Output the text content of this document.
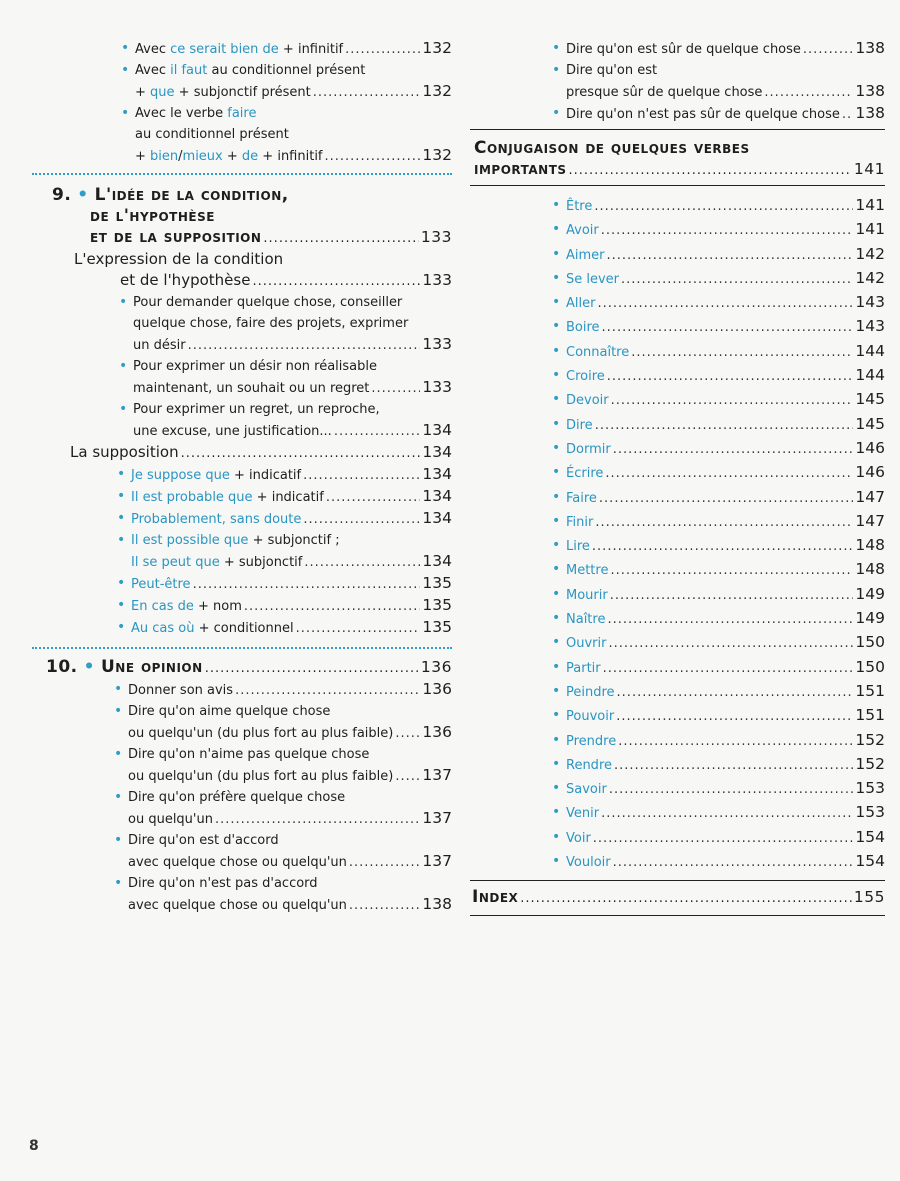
• Avec ce serait bien de + infinitif .....	132
• Avec il faut au conditionnel présent
+ que + subjonctif présent .....	132
• Avec le verbe faire
au conditionnel présent
+ bien / mieux + de + infinitif .....	132
9. • L'idée de la condition,
de l'hypothèse
et de la supposition .....	133
L'expression de la condition
et de l'hypothèse .....	133
• Pour demander quelque chose, conseiller
quelque chose, faire des projets, exprimer
un désir .....	133
• Pour exprimer un désir non réalisable
maintenant, un souhait ou un regret .....	133
• Pour exprimer un regret, un reproche,
une excuse, une justification... .....	134
La supposition .....	134
• Je suppose que + indicatif .....	134
• Il est probable que + indicatif .....	134
• Probablement, sans doute .....	134
• Il est possible que + subjonctif ;
Il se peut que + subjonctif .....	134
• Peut-être .....	135
• En cas de + nom .....	135
• Au cas où + conditionnel .....	135
10. • Une opinion .....	136
• Donner son avis .....	136
• Dire qu'on aime quelque chose
ou quelqu'un (du plus fort au plus faible) ..... 136
• Dire qu'on n'aime pas quelque chose
ou quelqu'un (du plus fort au plus faible) ..... 137
• Dire qu'on préfère quelque chose
ou quelqu'un .....	137
• Dire qu'on est d'accord
avec quelque chose ou quelqu'un .....	137
• Dire qu'on n'est pas d'accord
avec quelque chose ou quelqu'un .....	138
• Dire qu'on est sûr de quelque chose .....	138
• Dire qu'on est
presque sûr de quelque chose .....	138
• Dire qu'on n'est pas sûr de quelque chose ..... 138
Conjugaison de quelques verbes
importants .....	141
• Être .....	141
• Avoir .....	141
• Aimer .....	142
• Se lever .....	142
• Aller .....	143
• Boire .....	143
• Connaître .....	144
• Croire .....	144
• Devoir .....	145
• Dire .....	145
• Dormir .....	146
• Écrire .....	146
• Faire .....	147
• Finir .....	147
• Lire .....	148
• Mettre .....	148
• Mourir .....	149
• Naître .....	149
• Ouvrir .....	150
• Partir .....	150
• Peindre .....	151
• Pouvoir .....	151
• Prendre .....	152
• Rendre .....	152
• Savoir .....	153
• Venir .....	153
• Voir .....	154
• Vouloir .....	154
Index .....	155
8
